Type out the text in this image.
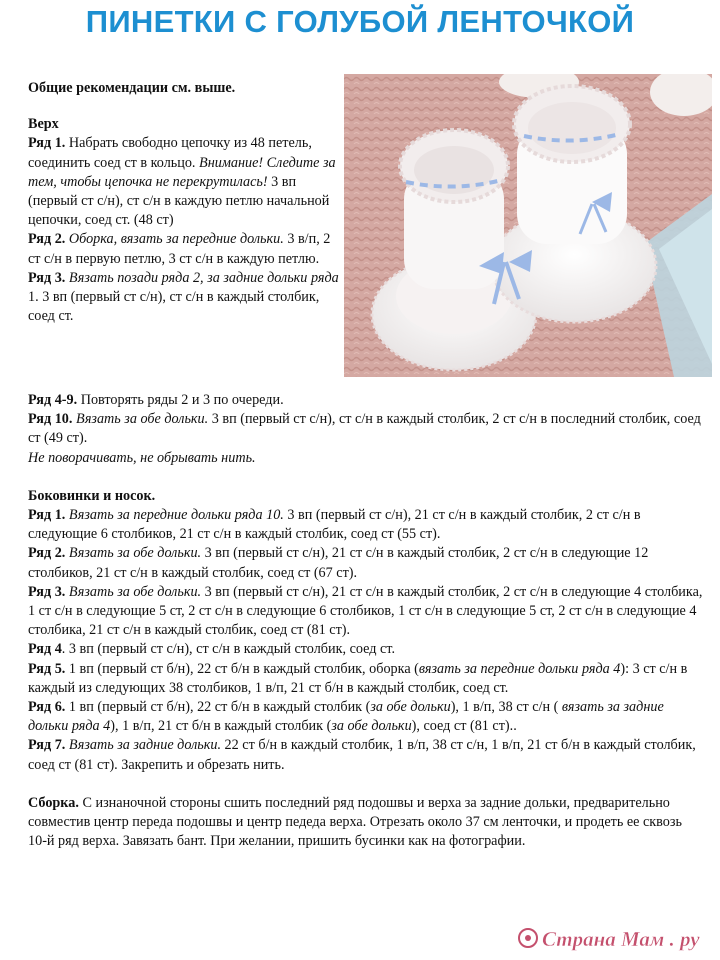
ПИНЕТКИ С ГОЛУБОЙ ЛЕНТОЧКОЙ

Общие рекомендации см. выше.

Верх

Ряд 1. Набрать свободно цепочку из 48 петель, соединить соед ст в кольцо. Внимание! Следите за тем, чтобы цепочка не перекрутилась! 3 вп (первый ст с/н), ст с/н в каждую петлю начальной цепочки, соед ст. (48 ст)

Ряд 2. Оборка, вязать за передние дольки. 3 в/п, 2 ст с/н в первую петлю, 3 ст с/н в каждую петлю.

Ряд 3. Вязать позади ряда 2, за задние дольки ряда 1. 3 вп (первый ст с/н), ст с/н в каждый столбик, соед ст.

Ряд 4-9. Повторять ряды 2 и 3 по очереди.

Ряд 10. Вязать за обе дольки. 3 вп (первый ст с/н), ст с/н в каждый столбик, 2 ст с/н в последний столбик, соед ст (49 ст).

Не поворачивать, не обрывать нить.

Боковинки и носок.

Ряд 1. Вязать за передние дольки ряда 10. 3 вп (первый ст с/н), 21 ст с/н в каждый столбик, 2 ст с/н в следующие 6 столбиков, 21 ст с/н в каждый столбик, соед ст (55 ст).

Ряд 2. Вязать за обе дольки. 3 вп (первый ст с/н), 21 ст с/н в каждый столбик, 2 ст с/н в следующие 12 столбиков, 21 ст с/н в каждый столбик, соед ст (67 ст).

Ряд 3. Вязать за обе дольки. 3 вп (первый ст с/н), 21 ст с/н в каждый столбик, 2 ст с/н в следующие 4 столбика, 1 ст с/н в следующие 5 ст, 2 ст с/н в следующие 6 столбиков, 1 ст с/н в следующие 5 ст, 2 ст с/н в следующие 4 столбика, 21 ст с/н в каждый столбик, соед ст (81 ст).

Ряд 4. 3 вп (первый ст с/н), ст с/н в каждый столбик, соед ст.

Ряд 5. 1 вп (первый ст б/н), 22 ст б/н в каждый столбик, оборка (вязать за передние дольки ряда 4): 3 ст с/н в каждый из следующих 38 столбиков, 1 в/п, 21 ст б/н в каждый столбик, соед ст.

Ряд 6. 1 вп (первый ст б/н), 22 ст б/н в каждый столбик (за обе дольки), 1 в/п, 38 ст с/н ( вязать за задние дольки ряда 4), 1 в/п, 21 ст б/н в каждый столбик (за обе дольки), соед ст (81 ст)..

Ряд 7. Вязать за задние дольки. 22 ст б/н в каждый столбик, 1 в/п, 38 ст с/н, 1 в/п, 21 ст б/н в каждый столбик, соед ст (81 ст). Закрепить и обрезать нить.

Сборка. С изнаночной стороны сшить последний ряд подошвы и верха за задние дольки, предварительно совместив центр переда подошвы и центр педеда верха. Отрезать около 37 см ленточки, и продеть ее сквозь 10-й ряд верха. Завязать бант. При желании, пришить бусинки как на фотографии.

Страна Мам . ру
